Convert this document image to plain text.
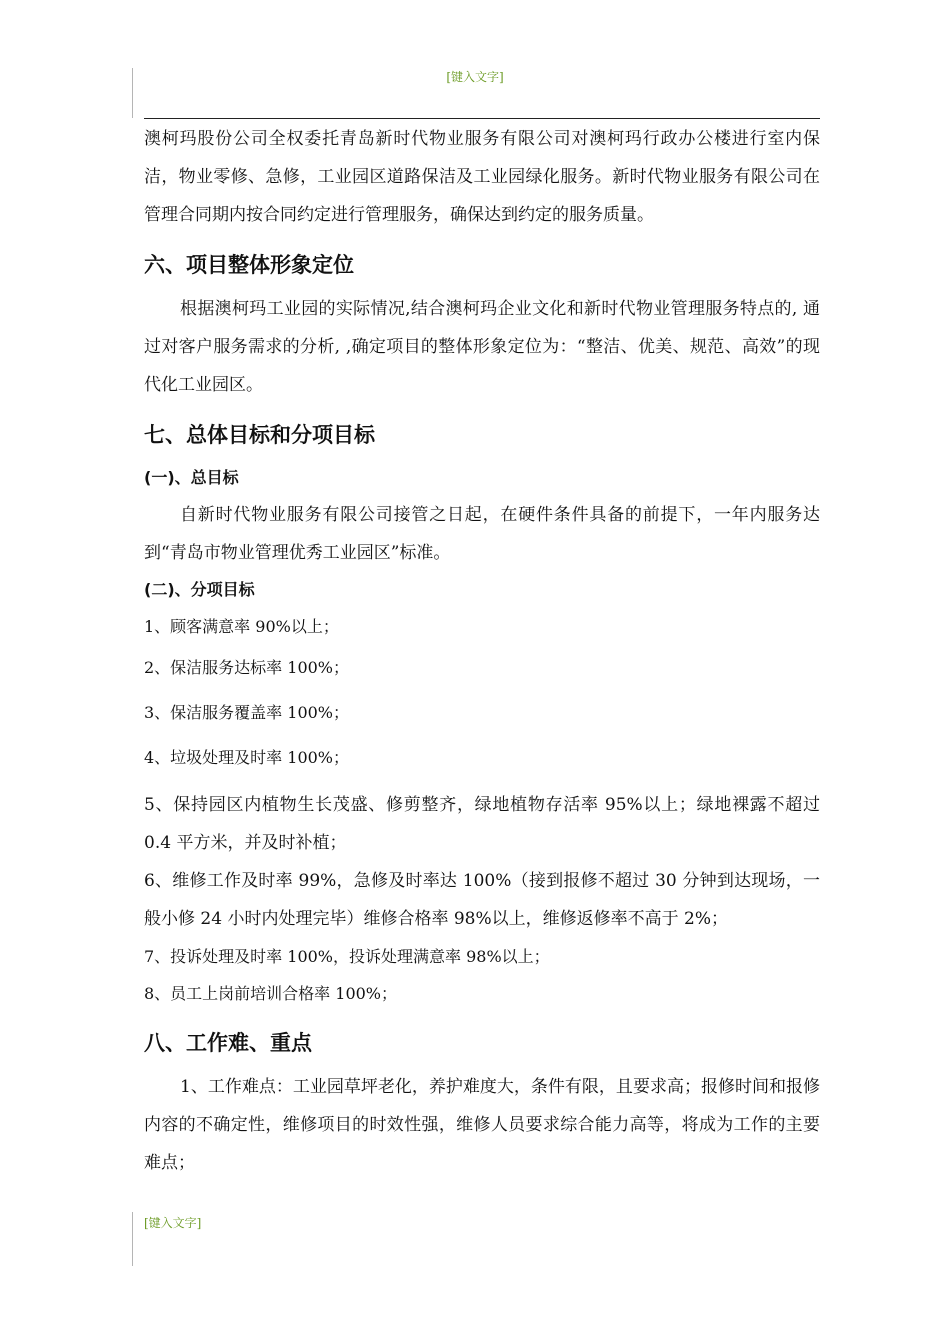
[键入文字]

澳柯玛股份公司全权委托青岛新时代物业服务有限公司对澳柯玛行政办公楼进行室内保洁，物业零修、急修，工业园区道路保洁及工业园绿化服务。新时代物业服务有限公司在管理合同期内按合同约定进行管理服务，确保达到约定的服务质量。

六、项目整体形象定位

根据澳柯玛工业园的实际情况,结合澳柯玛企业文化和新时代物业管理服务特点的, 通过对客户服务需求的分析, ,确定项目的整体形象定位为：“整洁、优美、规范、高效”的现代化工业园区。

七、总体目标和分项目标
(一)、总目标

自新时代物业服务有限公司接管之日起，在硬件条件具备的前提下，一年内服务达到“青岛市物业管理优秀工业园区”标准。

(二)、分项目标
1、顾客满意率 90%以上；
2、保洁服务达标率 100%；
3、保洁服务覆盖率 100%；
4、垃圾处理及时率 100%；

5、保持园区内植物生长茂盛、修剪整齐，绿地植物存活率 95%以上；绿地裸露不超过 0.4 平方米，并及时补植；

6、维修工作及时率 99%，急修及时率达 100%（接到报修不超过 30 分钟到达现场，一般小修 24 小时内处理完毕）维修合格率 98%以上，维修返修率不高于 2%；

7、投诉处理及时率 100%，投诉处理满意率 98%以上；
8、员工上岗前培训合格率 100%；
八、工作难、重点

1、工作难点：工业园草坪老化，养护难度大，条件有限，且要求高；报修时间和报修内容的不确定性，维修项目的时效性强，维修人员要求综合能力高等，将成为工作的主要难点；

[键入文字]
